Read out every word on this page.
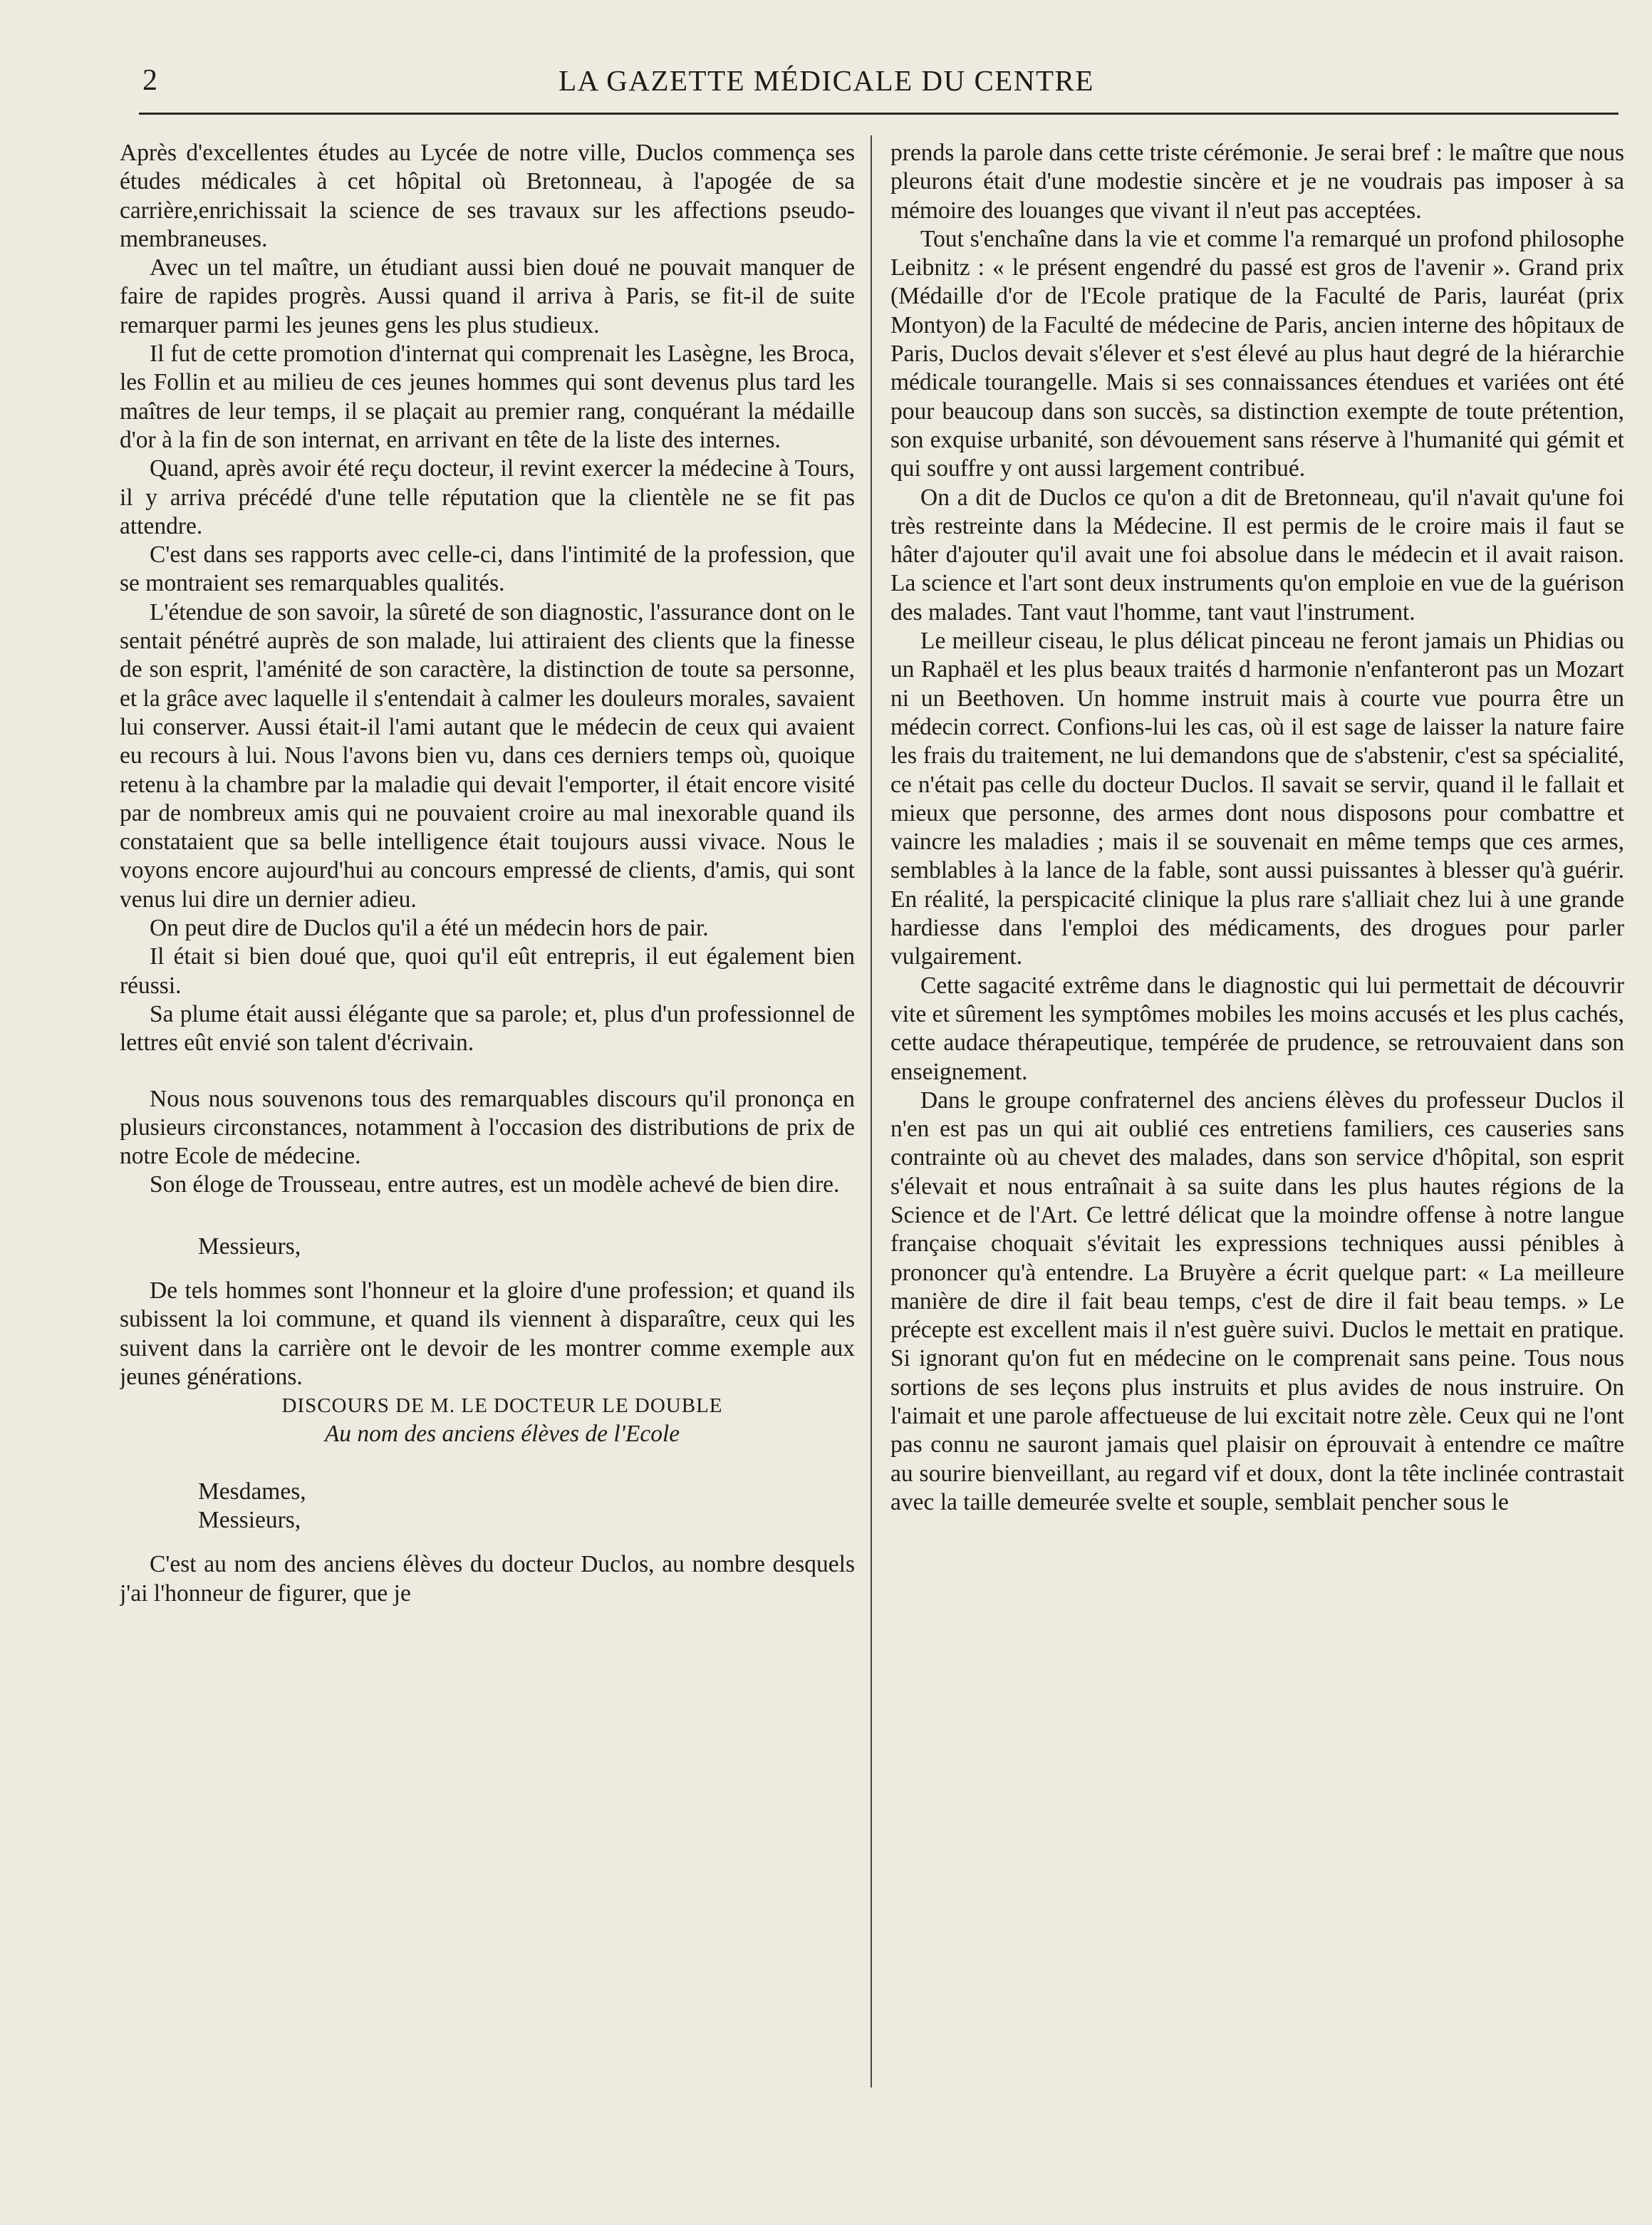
2	LA GAZETTE MÉDICALE DU CENTRE

Après d'excellentes études au Lycée de notre ville, Duclos commença ses études médicales à cet hôpital où Bretonneau, à l'apogée de sa carrière,enrichissait la science de ses travaux sur les affections pseudo-membraneuses.

Avec un tel maître, un étudiant aussi bien doué ne pouvait manquer de faire de rapides progrès. Aussi quand il arriva à Paris, se fit-il de suite remarquer parmi les jeunes gens les plus studieux.

Il fut de cette promotion d'internat qui comprenait les Lasègne, les Broca, les Follin et au milieu de ces jeunes hommes qui sont devenus plus tard les maîtres de leur temps, il se plaçait au premier rang, conquérant la médaille d'or à la fin de son internat, en arrivant en tête de la liste des internes.

Quand, après avoir été reçu docteur, il revint exercer la médecine à Tours, il y arriva précédé d'une telle réputation que la clientèle ne se fit pas attendre.

C'est dans ses rapports avec celle-ci, dans l'intimité de la profession, que se montraient ses remarquables qualités.

L'étendue de son savoir, la sûreté de son diagnostic, l'assurance dont on le sentait pénétré auprès de son malade, lui attiraient des clients que la finesse de son esprit, l'aménité de son caractère, la distinction de toute sa personne, et la grâce avec laquelle il s'entendait à calmer les douleurs morales, savaient lui conserver. Aussi était-il l'ami autant que le médecin de ceux qui avaient eu recours à lui. Nous l'avons bien vu, dans ces derniers temps où, quoique retenu à la chambre par la maladie qui devait l'emporter, il était encore visité par de nombreux amis qui ne pouvaient croire au mal inexorable quand ils constataient que sa belle intelligence était toujours aussi vivace. Nous le voyons encore aujourd'hui au concours empressé de clients, d'amis, qui sont venus lui dire un dernier adieu.

On peut dire de Duclos qu'il a été un médecin hors de pair.

Il était si bien doué que, quoi qu'il eût entrepris, il eut également bien réussi.

Sa plume était aussi élégante que sa parole; et, plus d'un professionnel de lettres eût envié son talent d'écrivain.

Nous nous souvenons tous des remarquables discours qu'il prononça en plusieurs circonstances, notamment à l'occasion des distributions de prix de notre Ecole de médecine.

Son éloge de Trousseau, entre autres, est un modèle achevé de bien dire.

Messieurs,

De tels hommes sont l'honneur et la gloire d'une profession; et quand ils subissent la loi commune, et quand ils viennent à disparaître, ceux qui les suivent dans la carrière ont le devoir de les montrer comme exemple aux jeunes générations.

DISCOURS DE M. LE DOCTEUR LE DOUBLE

Au nom des anciens élèves de l'Ecole

Mesdames,

Messieurs,

C'est au nom des anciens élèves du docteur Duclos, au nombre desquels j'ai l'honneur de figurer, que je

prends la parole dans cette triste cérémonie. Je serai bref : le maître que nous pleurons était d'une modestie sincère et je ne voudrais pas imposer à sa mémoire des louanges que vivant il n'eut pas acceptées.

Tout s'enchaîne dans la vie et comme l'a remarqué un profond philosophe Leibnitz : « le présent engendré du passé est gros de l'avenir ». Grand prix (Médaille d'or de l'Ecole pratique de la Faculté de Paris, lauréat (prix Montyon) de la Faculté de médecine de Paris, ancien interne des hôpitaux de Paris, Duclos devait s'élever et s'est élevé au plus haut degré de la hiérarchie médicale tourangelle. Mais si ses connaissances étendues et variées ont été pour beaucoup dans son succès, sa distinction exempte de toute prétention, son exquise urbanité, son dévouement sans réserve à l'humanité qui gémit et qui souffre y ont aussi largement contribué.

On a dit de Duclos ce qu'on a dit de Bretonneau, qu'il n'avait qu'une foi très restreinte dans la Médecine. Il est permis de le croire mais il faut se hâter d'ajouter qu'il avait une foi absolue dans le médecin et il avait raison. La science et l'art sont deux instruments qu'on emploie en vue de la guérison des malades. Tant vaut l'homme, tant vaut l'instrument.

Le meilleur ciseau, le plus délicat pinceau ne feront jamais un Phidias ou un Raphaël et les plus beaux traités d harmonie n'enfanteront pas un Mozart ni un Beethoven. Un homme instruit mais à courte vue pourra être un médecin correct. Confions-lui les cas, où il est sage de laisser la nature faire les frais du traitement, ne lui demandons que de s'abstenir, c'est sa spécialité, ce n'était pas celle du docteur Duclos. Il savait se servir, quand il le fallait et mieux que personne, des armes dont nous disposons pour combattre et vaincre les maladies ; mais il se souvenait en même temps que ces armes, semblables à la lance de la fable, sont aussi puissantes à blesser qu'à guérir. En réalité, la perspicacité clinique la plus rare s'alliait chez lui à une grande hardiesse dans l'emploi des médicaments, des drogues pour parler vulgairement.

Cette sagacité extrême dans le diagnostic qui lui permettait de découvrir vite et sûrement les symptômes mobiles les moins accusés et les plus cachés, cette audace thérapeutique, tempérée de prudence, se retrouvaient dans son enseignement.

Dans le groupe confraternel des anciens élèves du professeur Duclos il n'en est pas un qui ait oublié ces entretiens familiers, ces causeries sans contrainte où au chevet des malades, dans son service d'hôpital, son esprit s'élevait et nous entraînait à sa suite dans les plus hautes régions de la Science et de l'Art. Ce lettré délicat que la moindre offense à notre langue française choquait s'évitait les expressions techniques aussi pénibles à prononcer qu'à entendre. La Bruyère a écrit quelque part: « La meilleure manière de dire il fait beau temps, c'est de dire il fait beau temps. » Le précepte est excellent mais il n'est guère suivi. Duclos le mettait en pratique. Si ignorant qu'on fut en médecine on le comprenait sans peine. Tous nous sortions de ses leçons plus instruits et plus avides de nous instruire. On l'aimait et une parole affectueuse de lui excitait notre zèle. Ceux qui ne l'ont pas connu ne sauront jamais quel plaisir on éprouvait à entendre ce maître au sourire bienveillant, au regard vif et doux, dont la tête inclinée contrastait avec la taille demeurée svelte et souple, semblait pencher sous le
